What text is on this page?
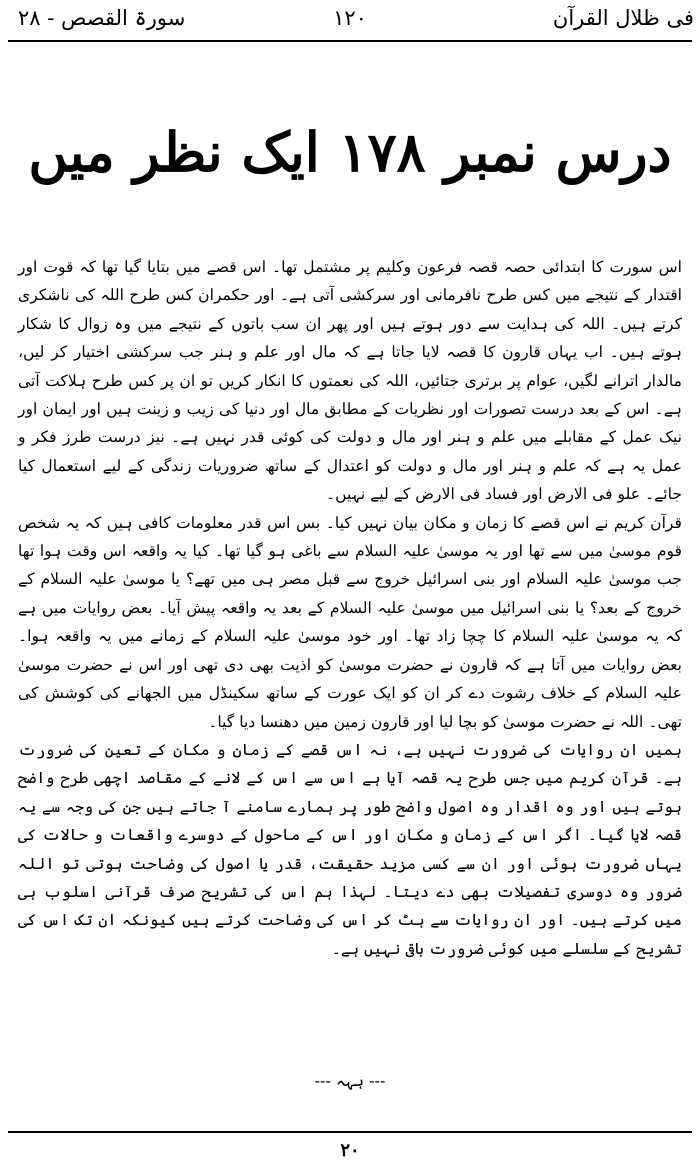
سورۃ القصص - ۲۸	۱۲۰	فی ظلال القرآن
درس نمبر ۱۷۸ ایک نظر میں

اس سورت کا ابتدائی حصہ قصہ فرعون وکلیم پر مشتمل تھا۔ اس قصے میں بتایا گیا تھا کہ قوت اور اقتدار کے نتیجے میں کس طرح نافرمانی اور سرکشی آتی ہے۔ اور حکمران کس طرح اللہ کی ناشکری کرتے ہیں۔ اللہ کی ہدایت سے دور ہوتے ہیں اور پھر ان سب باتوں کے نتیجے میں وہ زوال کا شکار ہوتے ہیں۔ اب یہاں قارون کا قصہ لایا جاتا ہے کہ مال اور علم و ہنر جب سرکشی اختیار کر لیں، مالدار اترانے لگیں، عوام پر برتری جتائیں، اللہ کی نعمتوں کا انکار کریں تو ان پر کس طرح ہلاکت آتی ہے۔ اس کے بعد درست تصورات اور نظریات کے مطابق مال اور دنیا کی زیب و زینت ہیں اور ایمان اور نیک عمل کے مقابلے میں علم و ہنر اور مال و دولت کی کوئی قدر نہیں ہے۔ نیز درست طرز فکر و عمل یہ ہے کہ علم و ہنر اور مال و دولت کو اعتدال کے ساتھ ضروریات زندگی کے لیے استعمال کیا جائے۔ علو فی الارض اور فساد فی الارض کے لیے نہیں۔

قرآن کریم نے اس قصے کا زمان و مکان بیان نہیں کیا۔ بس اس قدر معلومات کافی ہیں کہ یہ شخص قوم موسیٰ میں سے تھا اور یہ موسیٰ علیہ السلام سے باغی ہو گیا تھا۔ کیا یہ واقعہ اس وقت ہوا تھا جب موسیٰ علیہ السلام اور بنی اسرائیل خروج سے قبل مصر ہی میں تھے؟ یا موسیٰ علیہ السلام کے خروج کے بعد؟ یا بنی اسرائیل میں موسیٰ علیہ السلام کے بعد یہ واقعہ پیش آیا۔ بعض روایات میں ہے کہ یہ موسیٰ علیہ السلام کا چچا زاد تھا۔ اور خود موسیٰ علیہ السلام کے زمانے میں یہ واقعہ ہوا۔ بعض روایات میں آتا ہے کہ قارون نے حضرت موسیٰ کو اذیت بھی دی تھی اور اس نے حضرت موسیٰ علیہ السلام کے خلاف رشوت دے کر ان کو ایک عورت کے ساتھ سکینڈل میں الجھانے کی کوشش کی تھی۔ اللہ نے حضرت موسیٰ کو بچا لیا اور قارون زمین میں دھنسا دیا گیا۔

ہمیں ان روایات کی ضرورت نہیں ہے، نہ اس قصے کے زمان و مکان کے تعین کی ضرورت ہے۔ قرآن کریم میں جس طرح یہ قصہ آیا ہے اس سے اس کے لانے کے مقاصد اچھی طرح واضح ہوتے ہیں اور وہ اقدار وہ اصول واضح طور پر ہمارے سامنے آ جاتے ہیں جن کی وجہ سے یہ قصہ لایا گیا۔ اگر اس کے زمان و مکان اور اس کے ماحول کے دوسرے واقعات و حالات کی یہاں ضرورت ہوئی اور ان سے کسی مزید حقیقت، قدر یا اصول کی وضاحت ہوتی تو اللہ ضرور وہ دوسری تفصیلات بھی دے دیتا۔ لہذا ہم اس کی تشریح صرف قرآنی اسلوب ہی میں کرتے ہیں۔ اور ان روایات سے ہٹ کر اس کی وضاحت کرتے ہیں کیونکہ ان تک اس کی تشریح کے سلسلے میں کوئی ضرورت باقی نہیں ہے۔

--- ہہہ ---
۲۰
